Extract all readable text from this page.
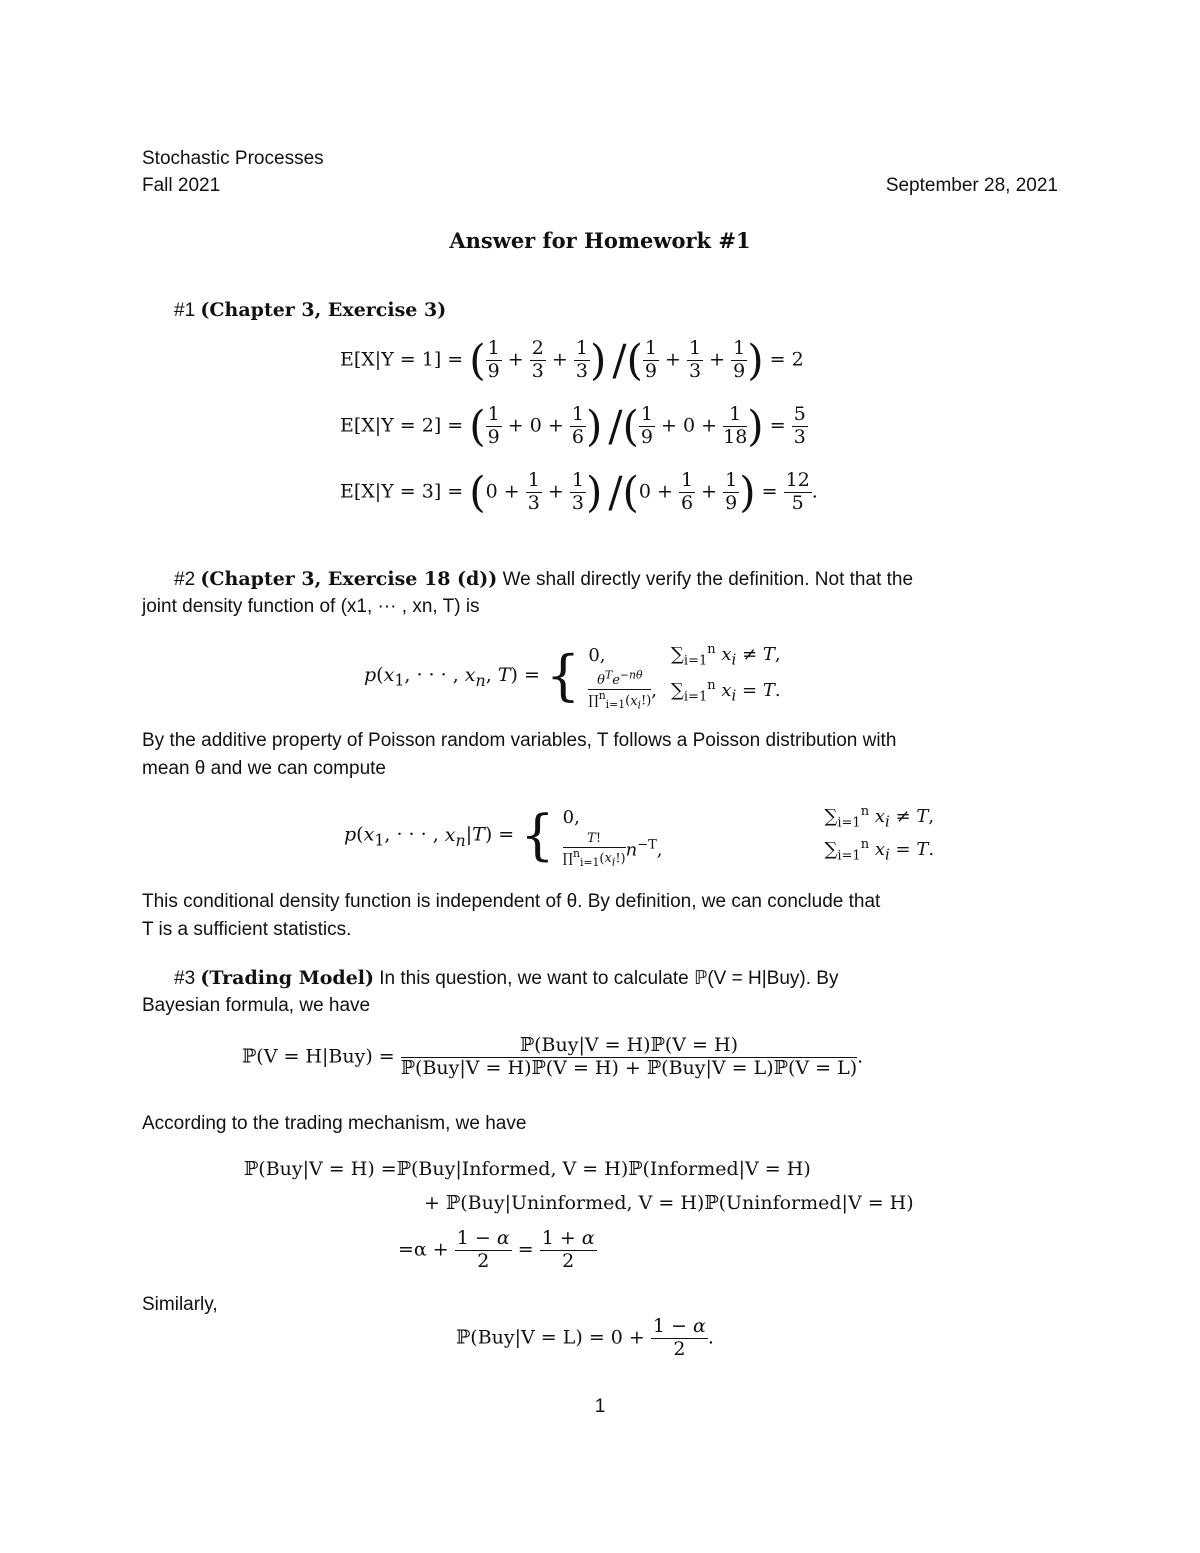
Stochastic Processes
Fall 2021	September 28, 2021
Answer for Homework #1
#1 (Chapter 3, Exercise 3)
E[X|Y = 1] = ( $\frac{1}{9} + \frac{2}{3} + \frac{1}{3}$ ) /( $\frac{1}{9} + \frac{1}{3} + \frac{1}{9}$ ) = 2
E[X|Y = 2] = ( $\frac{1}{9} + 0 + \frac{1}{6}$ ) /( $\frac{1}{9} + 0 + \frac{1}{18}$ ) = $\frac{5}{3}$
$E[X|Y = 3] = (0 + \frac{1}{3} + \frac{1}{3}$ ) $/(0 + \frac{1}{6} + \frac{1}{9}$ ) = $\frac{12}{5}$ .
#2 (Chapter 3, Exercise 18 (d)) We shall directly verify the definition. Not that the
joint density function of (x1, ··· , xn, T) is
$p(x_1$, · · · , $x_n$, T) = { 0,	$\sum_{i=1}^n$ $x_i \ne T$,

$\frac{\theta^Te^{-n\theta}}{\prod^n_{i=1}(x_i!)}$ ,	$\sum_{i=1}^n$ $x_i = T$.
By the additive property of Poisson random variables, T follows a Poisson distribution with
mean θ and we can compute
$p(x_1$, · · · , $x_n|T$) = { 0,	$\sum_{i=1}^n$ $x_i \ne T$,

$\frac{T!}{\prod^n_{i=1}(x_i!)} n^{-T}$,	$\sum_{i=1}^n$ $x_i = T$.
This conditional density function is independent of θ. By definition, we can conclude that
T is a sufficient statistics.
#3 (Trading Model) In this question, we want to calculate ℙ(V = H|Buy). By
Bayesian formula, we have
ℙ(V = $H|Buy) = \frac{\text{ℙ(Buy|V = H)ℙ(V = H)}}{\text{ℙ(Buy|V = H)ℙ(V = H) + ℙ(Buy|V = L)ℙ(V = L)}}$ .
According to the trading mechanism, we have
ℙ(Buy|V = H) =ℙ(Buy|Informed, V = H)ℙ(Informed|V = H)
+ ℙ(Buy|Uninformed, V = H)ℙ(Uninformed|V = H)
$=\alpha + \frac{1 - \alpha}{2} = \frac{1 + \alpha}{2}$
Similarly,
ℙ(Buy|V = $L) = 0 + \frac{1 - \alpha}{2}$ .
1
